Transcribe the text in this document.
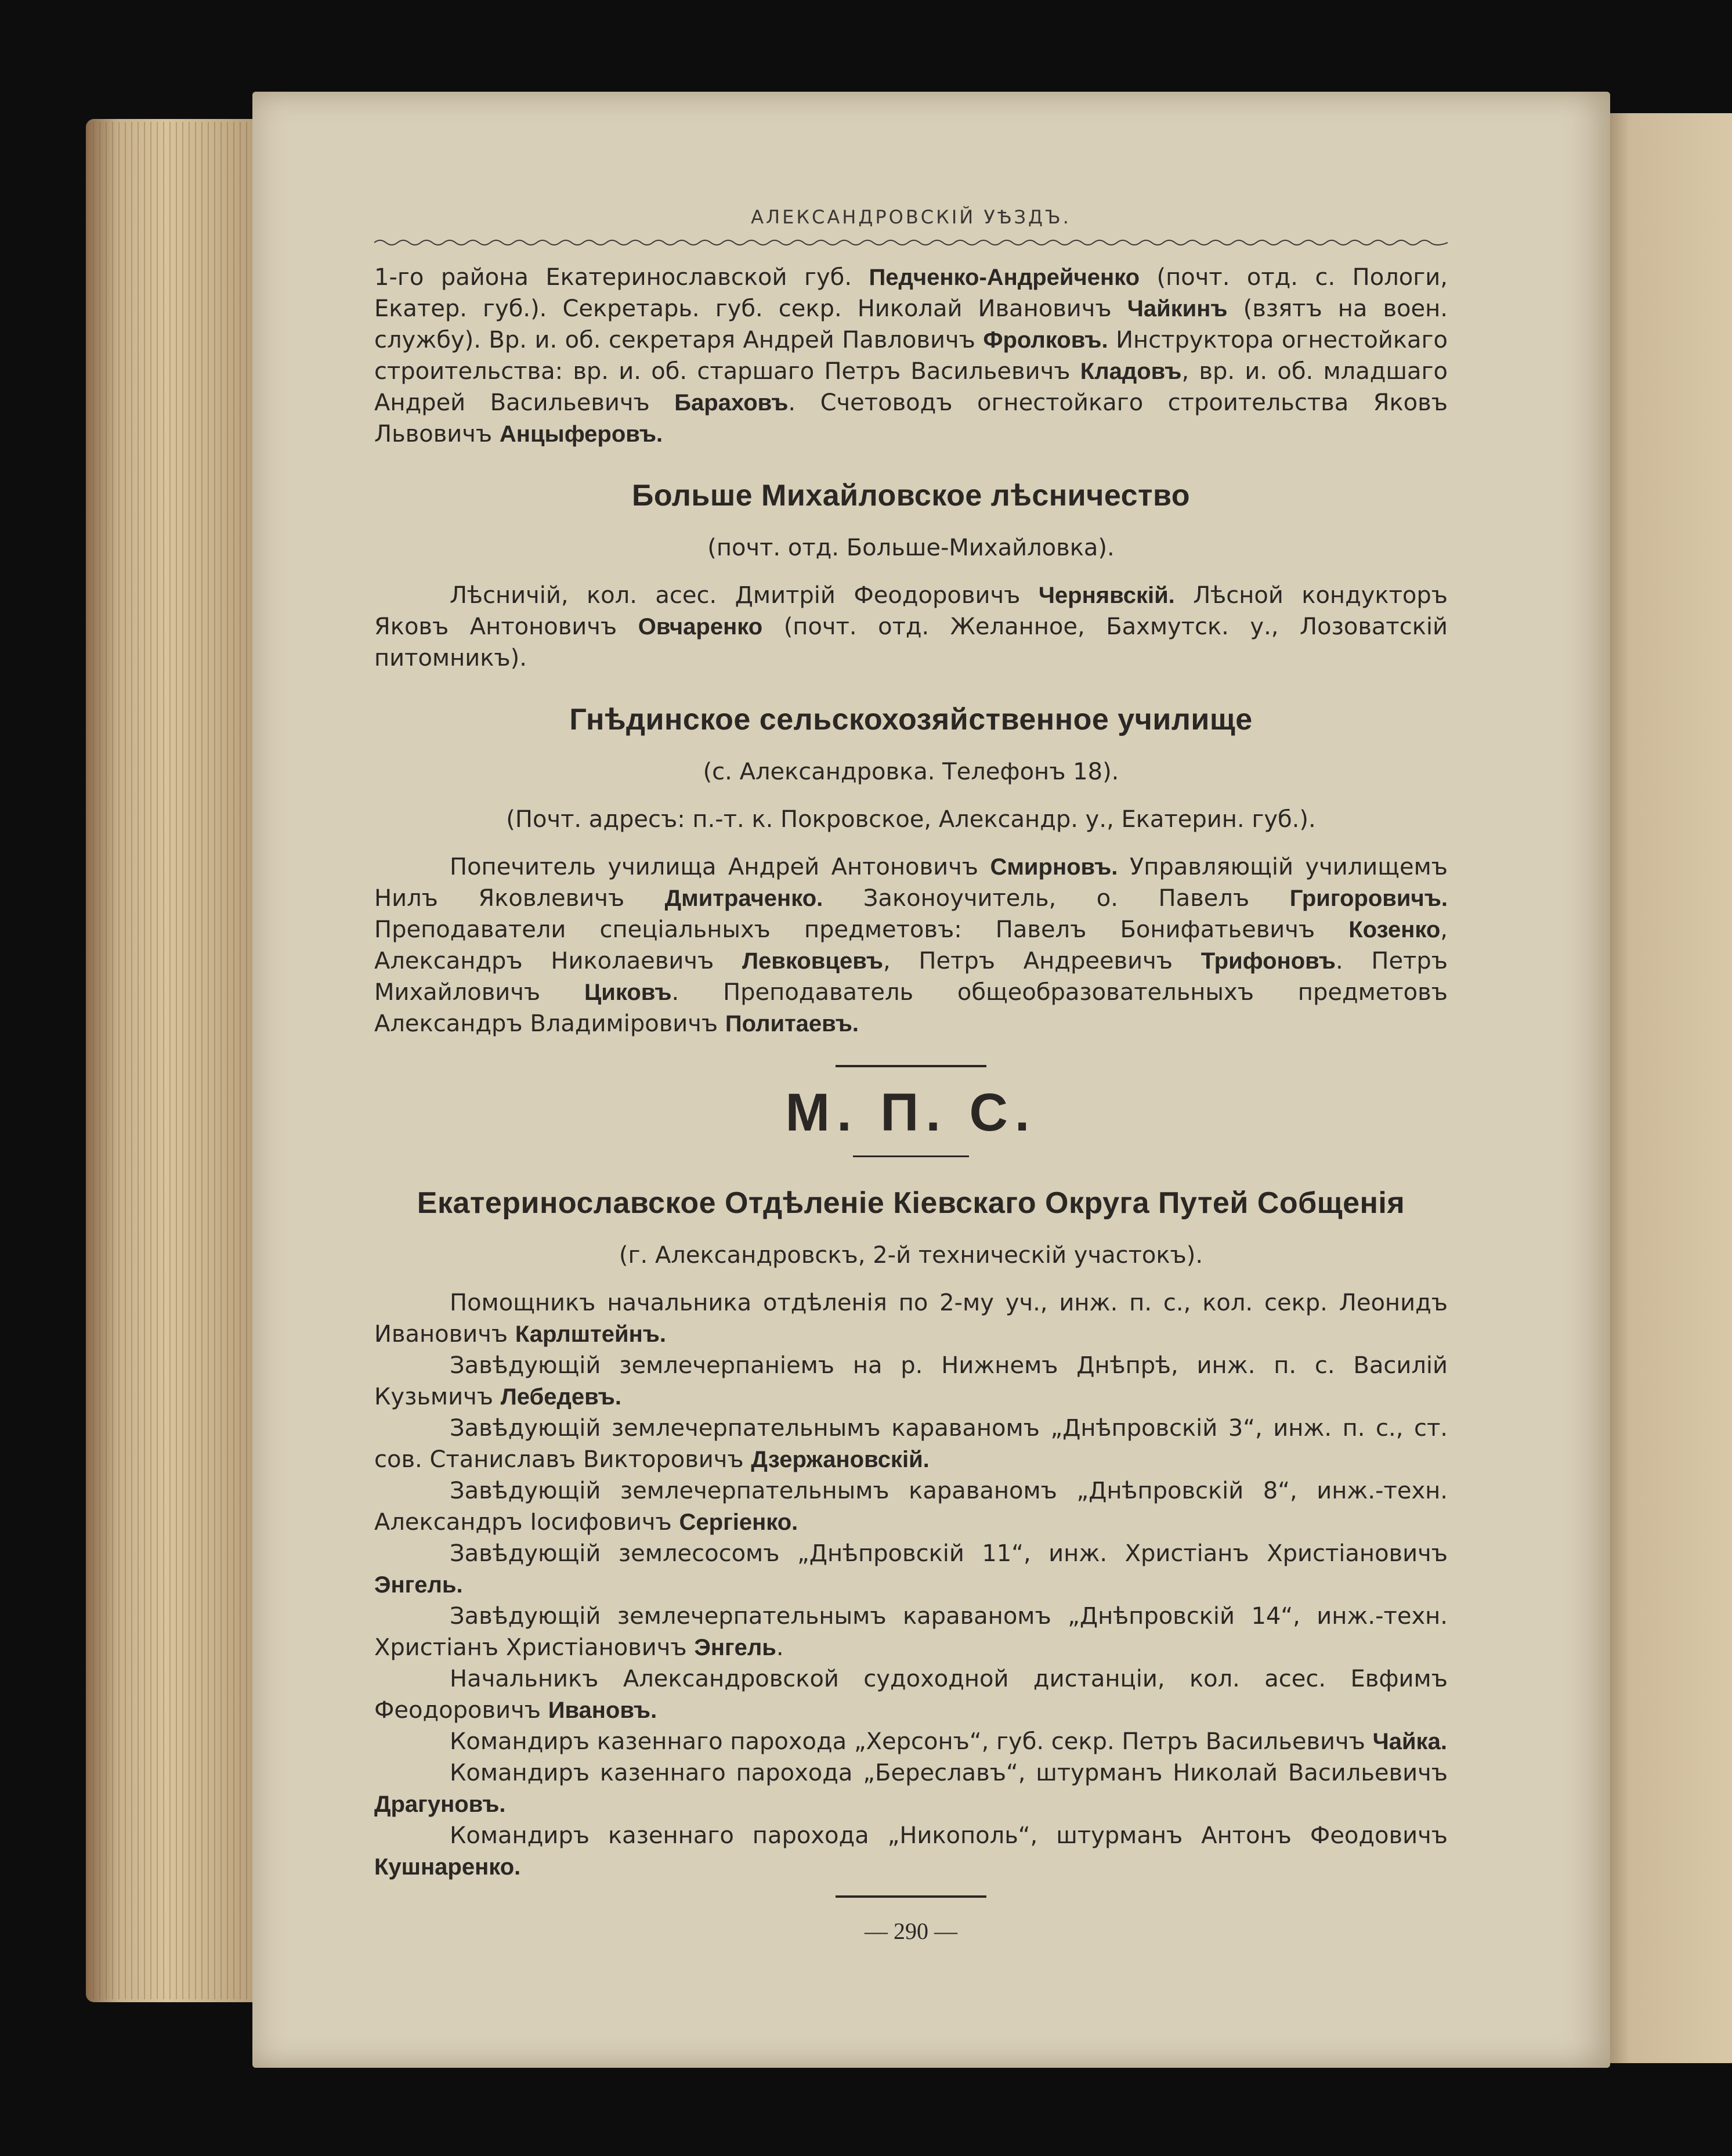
АЛЕКСАНДРОВСКІЙ УѢЗДЪ.

1-го района Екатеринославской губ. Педченко-Андрейченко (почт. отд. с. Пологи, Екатер. губ.). Секретарь. губ. секр. Николай Ивановичъ Чайкинъ (взятъ на воен. службу). Вр. и. об. секретаря Андрей Павловичъ Фролковъ. Инструктора огнестойкаго строительства: вр. и. об. старшаго Петръ Васильевичъ Кладовъ, вр. и. об. младшаго Андрей Васильевичъ Бараховъ. Счетоводъ огнестойкаго строительства Яковъ Львовичъ Анцыферовъ.

Больше Михайловское лѣсничество
(почт. отд. Больше-Михайловка).

Лѣсничій, кол. асес. Дмитрій Феодоровичъ Чернявскій. Лѣсной кондукторъ Яковъ Антоновичъ Овчаренко (почт. отд. Желанное, Бахмутск. у., Лозоватскій питомникъ).

Гнѣдинское сельскохозяйственное училище
(с. Александровка. Телефонъ 18).
(Почт. адресъ: п.-т. к. Покровское, Александр. у., Екатерин. губ.).

Попечитель училища Андрей Антоновичъ Смирновъ. Управляющій училищемъ Нилъ Яковлевичъ Дмитраченко. Законоучитель, о. Павелъ Григоровичъ. Преподаватели спеціальныхъ предметовъ: Павелъ Бонифатьевичъ Козенко, Александръ Николаевичъ Левковцевъ, Петръ Андреевичъ Трифоновъ. Петръ Михайловичъ Циковъ. Преподаватель общеобразовательныхъ предметовъ Александръ Владиміровичъ Политаевъ.

М. П. С.
Екатеринославское Отдѣленіе Кіевскаго Округа Путей Собщенія
(г. Александровскъ, 2-й техническій участокъ).

Помощникъ начальника отдѣленія по 2-му уч., инж. п. с., кол. секр. Леонидъ Ивановичъ Карлштейнъ.

Завѣдующій землечерпаніемъ на р. Нижнемъ Днѣпрѣ, инж. п. с. Василій Кузьмичъ Лебедевъ.

Завѣдующій землечерпательнымъ караваномъ „Днѣпровскій 3“, инж. п. с., ст. сов. Станиславъ Викторовичъ Дзержановскій.

Завѣдующій землечерпательнымъ караваномъ „Днѣпровскій 8“, инж.-техн. Александръ Іосифовичъ Сергіенко.

Завѣдующій землесосомъ „Днѣпровскій 11“, инж. Христіанъ Христіановичъ Энгель.

Завѣдующій землечерпательнымъ караваномъ „Днѣпровскій 14“, инж.-техн. Христіанъ Христіановичъ Энгель.

Начальникъ Александровской судоходной дистанціи, кол. асес. Евфимъ Феодоровичъ Ивановъ.

Командиръ казеннаго парохода „Херсонъ“, губ. секр. Петръ Васильевичъ Чайка.

Командиръ казеннаго парохода „Береславъ“, штурманъ Николай Васильевичъ Драгуновъ.

Командиръ казеннаго парохода „Никополь“, штурманъ Антонъ Феодовичъ Кушнаренко.

— 290 —
